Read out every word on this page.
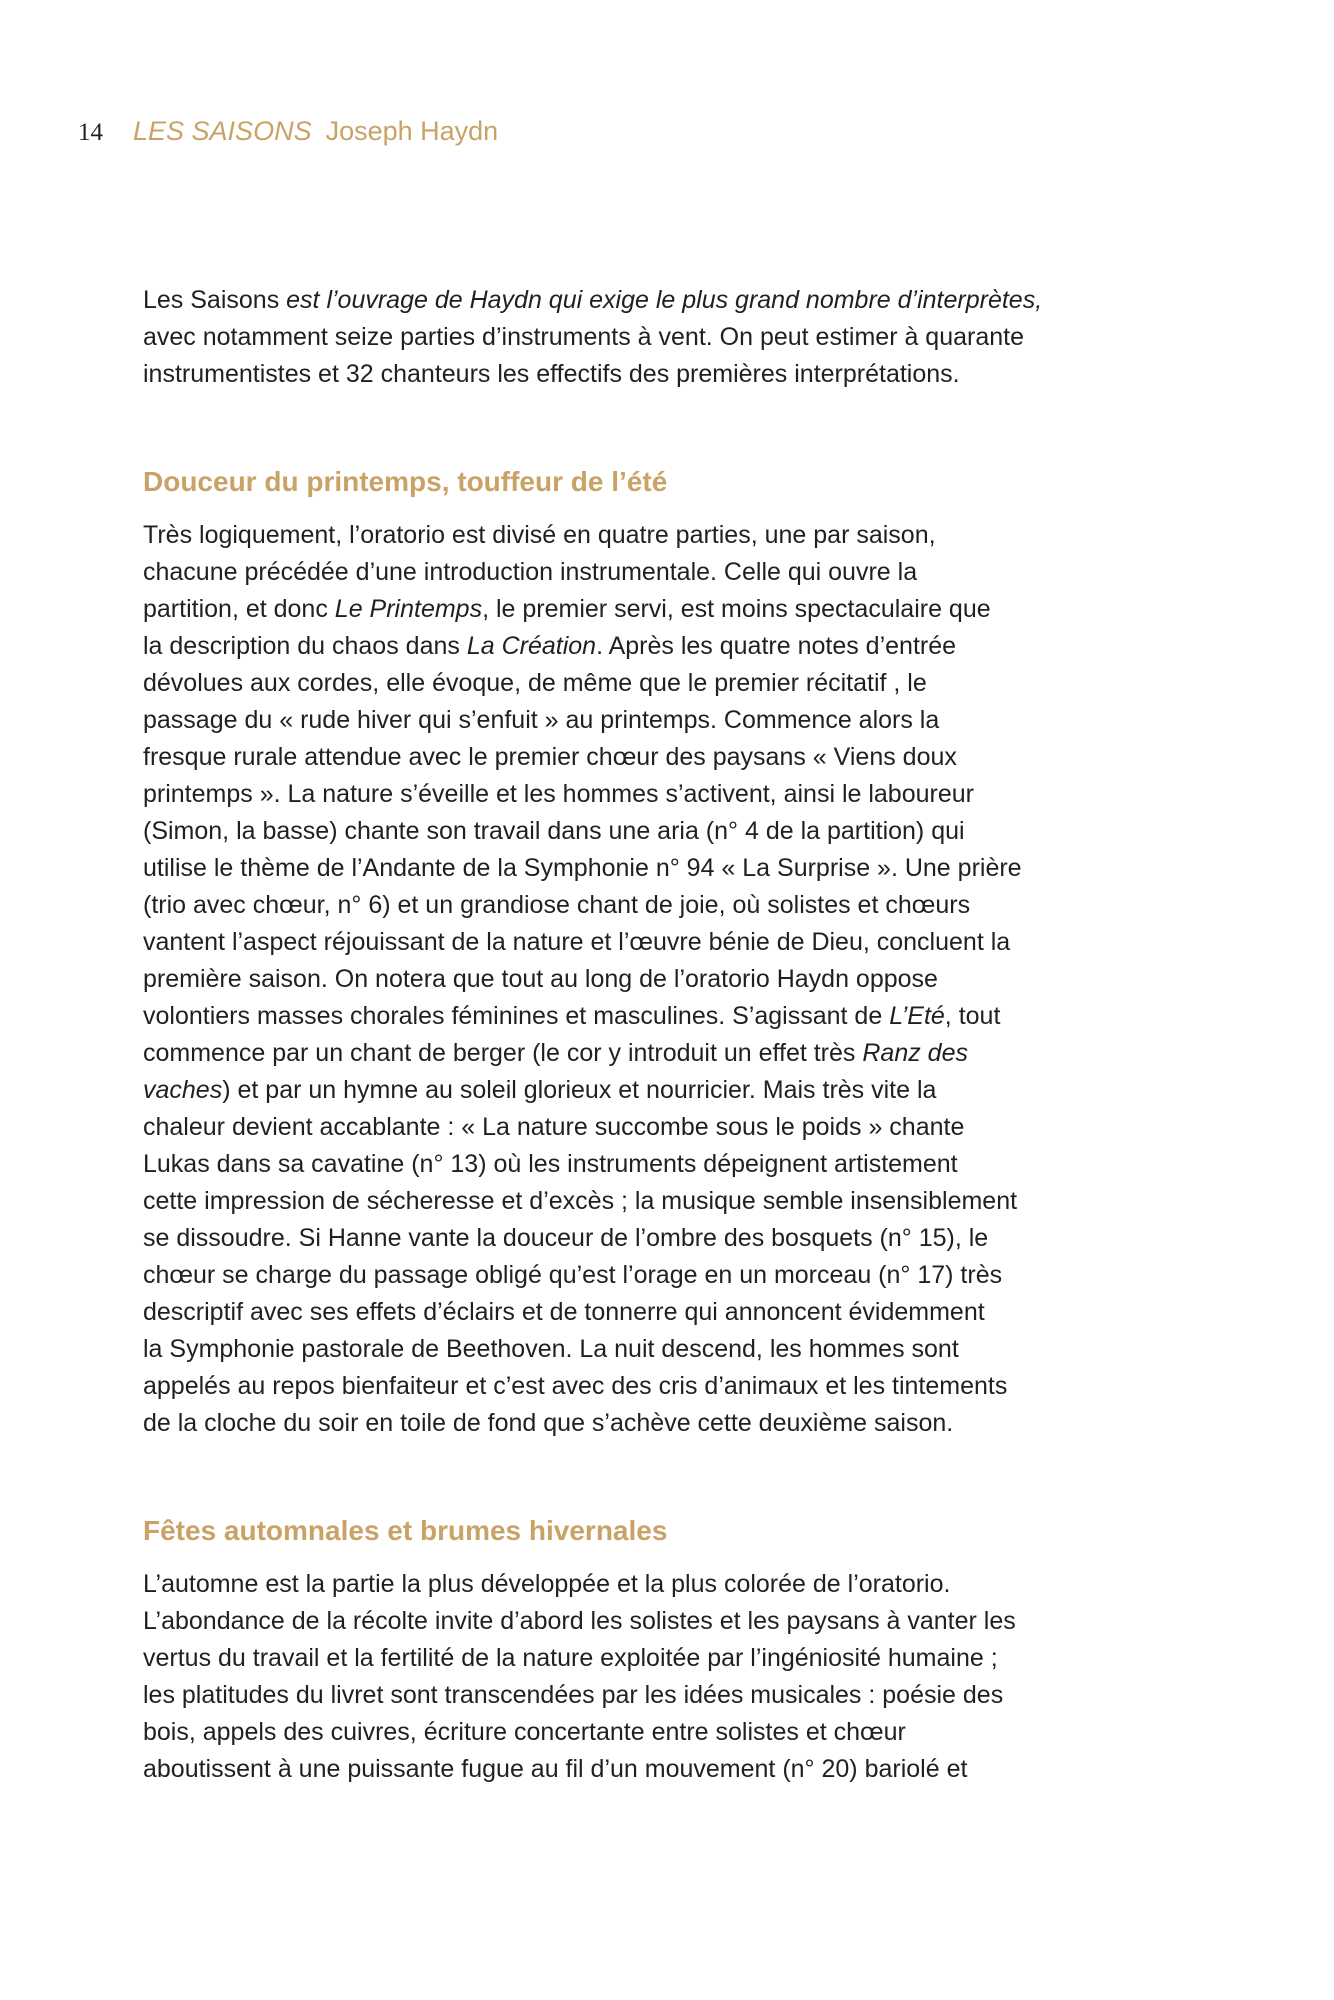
14 LES SAISONS Joseph Haydn

Les Saisons est l’ouvrage de Haydn qui exige le plus grand nombre d’interprètes,
avec notamment seize parties d’instruments à vent. On peut estimer à quarante
instrumentistes et 32 chanteurs les effectifs des premières interprétations.

Douceur du printemps, touffeur de l’été

Très logiquement, l’oratorio est divisé en quatre parties, une par saison,
chacune précédée d’une introduction instrumentale. Celle qui ouvre la
partition, et donc Le Printemps, le premier servi, est moins spectaculaire que
la description du chaos dans La Création. Après les quatre notes d’entrée
dévolues aux cordes, elle évoque, de même que le premier récitatif , le
passage du « rude hiver qui s’enfuit » au printemps. Commence alors la
fresque rurale attendue avec le premier chœur des paysans « Viens doux
printemps ». La nature s’éveille et les hommes s’activent, ainsi le laboureur
(Simon, la basse) chante son travail dans une aria (n° 4 de la partition) qui
utilise le thème de l’Andante de la Symphonie n° 94 « La Surprise ». Une prière
(trio avec chœur, n° 6) et un grandiose chant de joie, où solistes et chœurs
vantent l’aspect réjouissant de la nature et l’œuvre bénie de Dieu, concluent la
première saison. On notera que tout au long de l’oratorio Haydn oppose
volontiers masses chorales féminines et masculines. S’agissant de L’Eté, tout
commence par un chant de berger (le cor y introduit un effet très Ranz des
vaches) et par un hymne au soleil glorieux et nourricier. Mais très vite la
chaleur devient accablante : « La nature succombe sous le poids » chante
Lukas dans sa cavatine (n° 13) où les instruments dépeignent artistement
cette impression de sécheresse et d’excès ; la musique semble insensiblement
se dissoudre. Si Hanne vante la douceur de l’ombre des bosquets (n° 15), le
chœur se charge du passage obligé qu’est l’orage en un morceau (n° 17) très
descriptif avec ses effets d’éclairs et de tonnerre qui annoncent évidemment
la Symphonie pastorale de Beethoven. La nuit descend, les hommes sont
appelés au repos bienfaiteur et c’est avec des cris d’animaux et les tintements
de la cloche du soir en toile de fond que s’achève cette deuxième saison.

Fêtes automnales et brumes hivernales

L’automne est la partie la plus développée et la plus colorée de l’oratorio.
L’abondance de la récolte invite d’abord les solistes et les paysans à vanter les
vertus du travail et la fertilité de la nature exploitée par l’ingéniosité humaine ;
les platitudes du livret sont transcendées par les idées musicales : poésie des
bois, appels des cuivres, écriture concertante entre solistes et chœur
aboutissent à une puissante fugue au fil d’un mouvement (n° 20) bariolé et
